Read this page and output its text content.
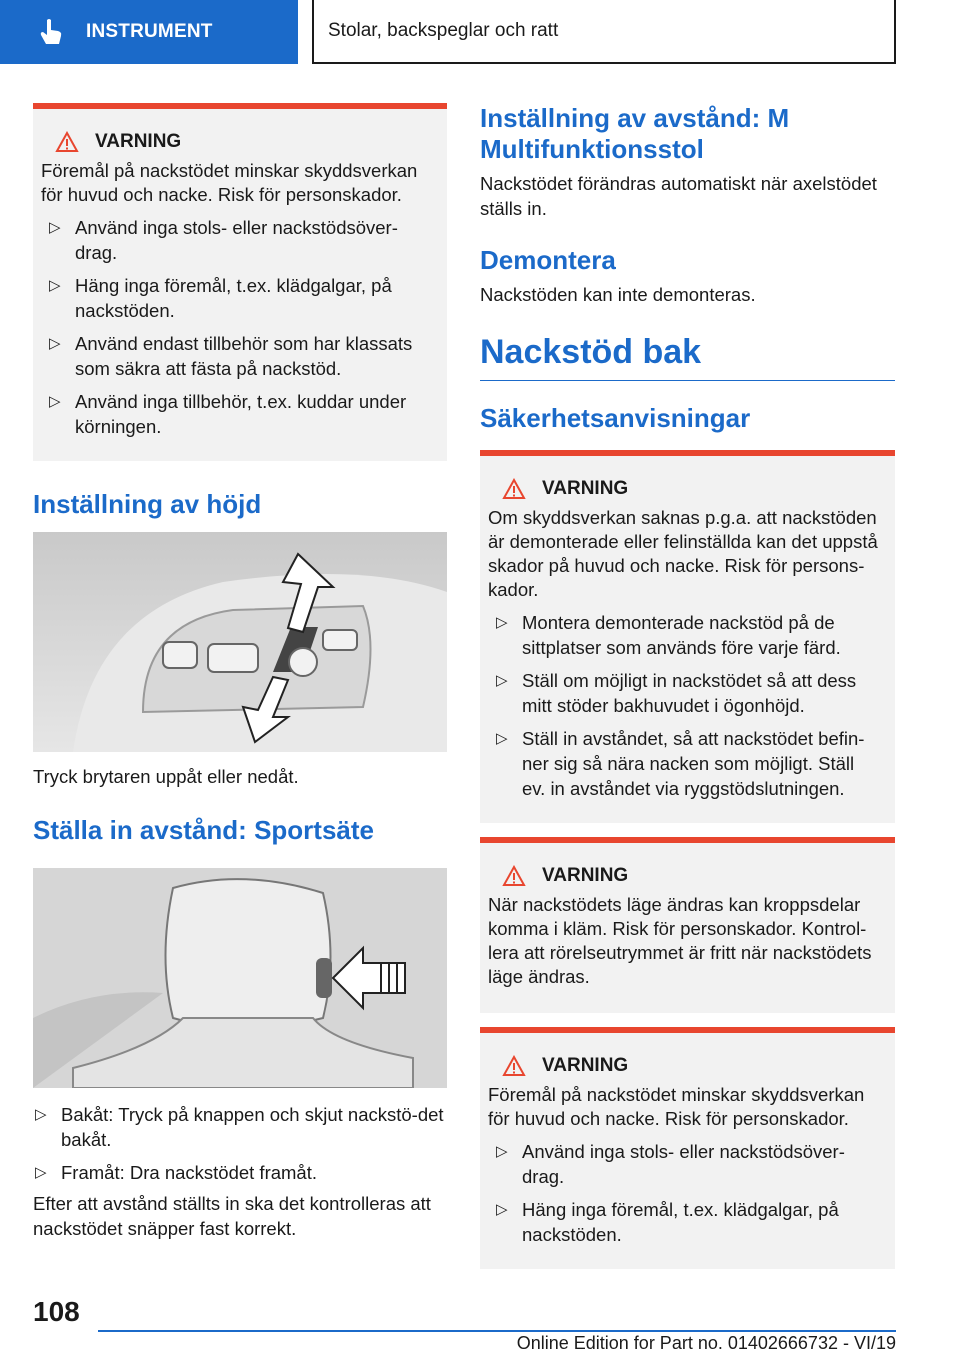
INSTRUMENT	Stolar, backspeglar och ratt
VARNING
Föremål på nackstödet minskar skyddsverkan för huvud och nacke. Risk för personskador.
▷ Använd inga stols- eller nackstödsöver-drag.
▷ Häng inga föremål, t.ex. klädgalgar, på nackstöden.
▷ Använd endast tillbehör som har klassats som säkra att fästa på nackstöd.
▷ Använd inga tillbehör, t.ex. kuddar under körningen.
Inställning av höjd
Tryck brytaren uppåt eller nedåt.
Ställa in avstånd: Sportsäte
▷ Bakåt: Tryck på knappen och skjut nackstö-det bakåt.
▷ Framåt: Dra nackstödet framåt.
Efter att avstånd ställts in ska det kontrolleras att nackstödet snäpper fast korrekt.
Inställning av avstånd: M Multifunktionsstol
Nackstödet förändras automatiskt när axelstödet ställs in.
Demontera
Nackstöden kan inte demonteras.
Nackstöd bak
Säkerhetsanvisningar
VARNING
Om skyddsverkan saknas p.g.a. att nackstöden är demonterade eller felinställda kan det uppstå skador på huvud och nacke. Risk för persons-kador.
▷ Montera demonterade nackstöd på de sittplatser som används före varje färd.
▷ Ställ om möjligt in nackstödet så att dess mitt stöder bakhuvudet i ögonhöjd.
▷ Ställ in avståndet, så att nackstödet befin-ner sig så nära nacken som möjligt. Ställ ev. in avståndet via ryggstödslutningen.
VARNING
När nackstödets läge ändras kan kroppsdelar komma i kläm. Risk för personskador. Kontrol-lera att rörelseutrymmet är fritt när nackstödets läge ändras.
VARNING
Föremål på nackstödet minskar skyddsverkan för huvud och nacke. Risk för personskador.
▷ Använd inga stols- eller nackstödsöver-drag.
▷ Häng inga föremål, t.ex. klädgalgar, på nackstöden.
108
Online Edition for Part no. 01402666732 - VI/19
